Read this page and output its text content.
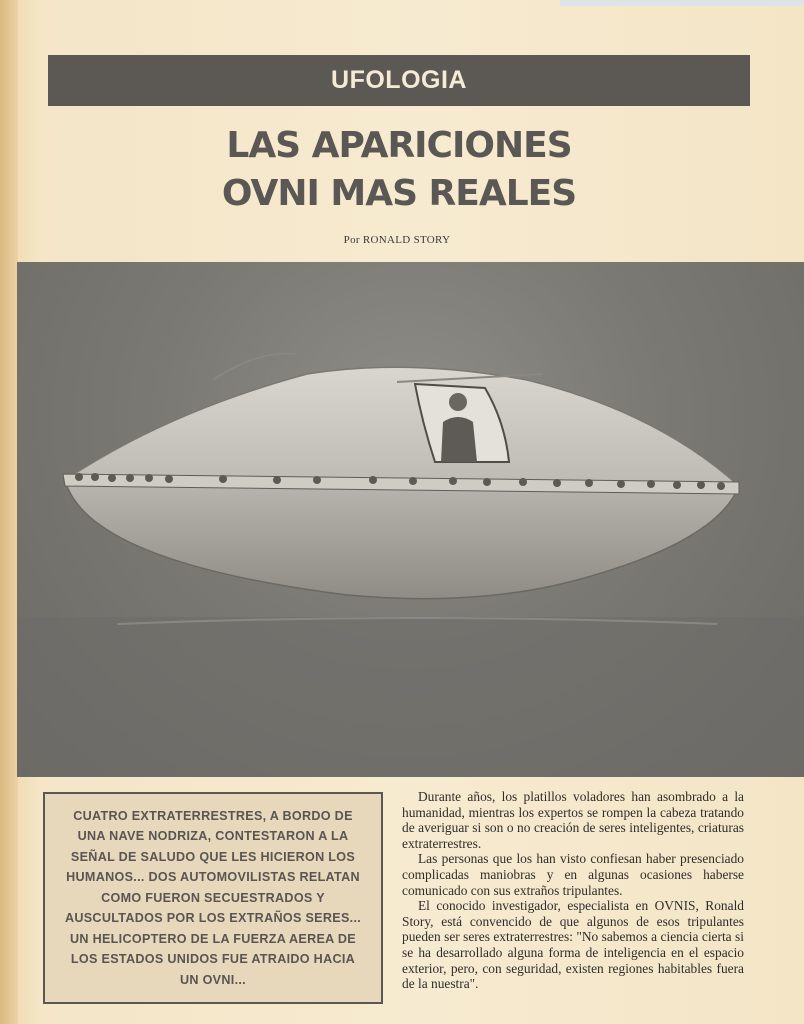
UFOLOGIA
LAS APARICIONES
OVNI MAS REALES
Por RONALD STORY

CUATRO EXTRATERRESTRES, A BORDO DE UNA NAVE NODRIZA, CONTESTARON A LA SEÑAL DE SALUDO QUE LES HICIERON LOS HUMANOS... DOS AUTOMOVILISTAS RELATAN COMO FUERON SECUESTRADOS Y AUSCULTADOS POR LOS EXTRAÑOS SERES... UN HELICOPTERO DE LA FUERZA AEREA DE LOS ESTADOS UNIDOS FUE ATRAIDO HACIA UN OVNI...

Durante años, los platillos voladores han asombrado a la humanidad, mientras los expertos se rompen la cabeza tratando de averiguar si son o no creación de seres inteligentes, criaturas extraterrestres.

Las personas que los han visto confiesan haber presenciado complicadas maniobras y en algunas ocasiones haberse comunicado con sus extraños tripulantes.

El conocido investigador, especialista en OVNIS, Ronald Story, está convencido de que algunos de esos tripulantes pueden ser seres extraterrestres: "No sabemos a ciencia cierta si se ha desarrollado alguna forma de inteligencia en el espacio exterior, pero, con seguridad, existen regiones habitables fuera de la nuestra".
